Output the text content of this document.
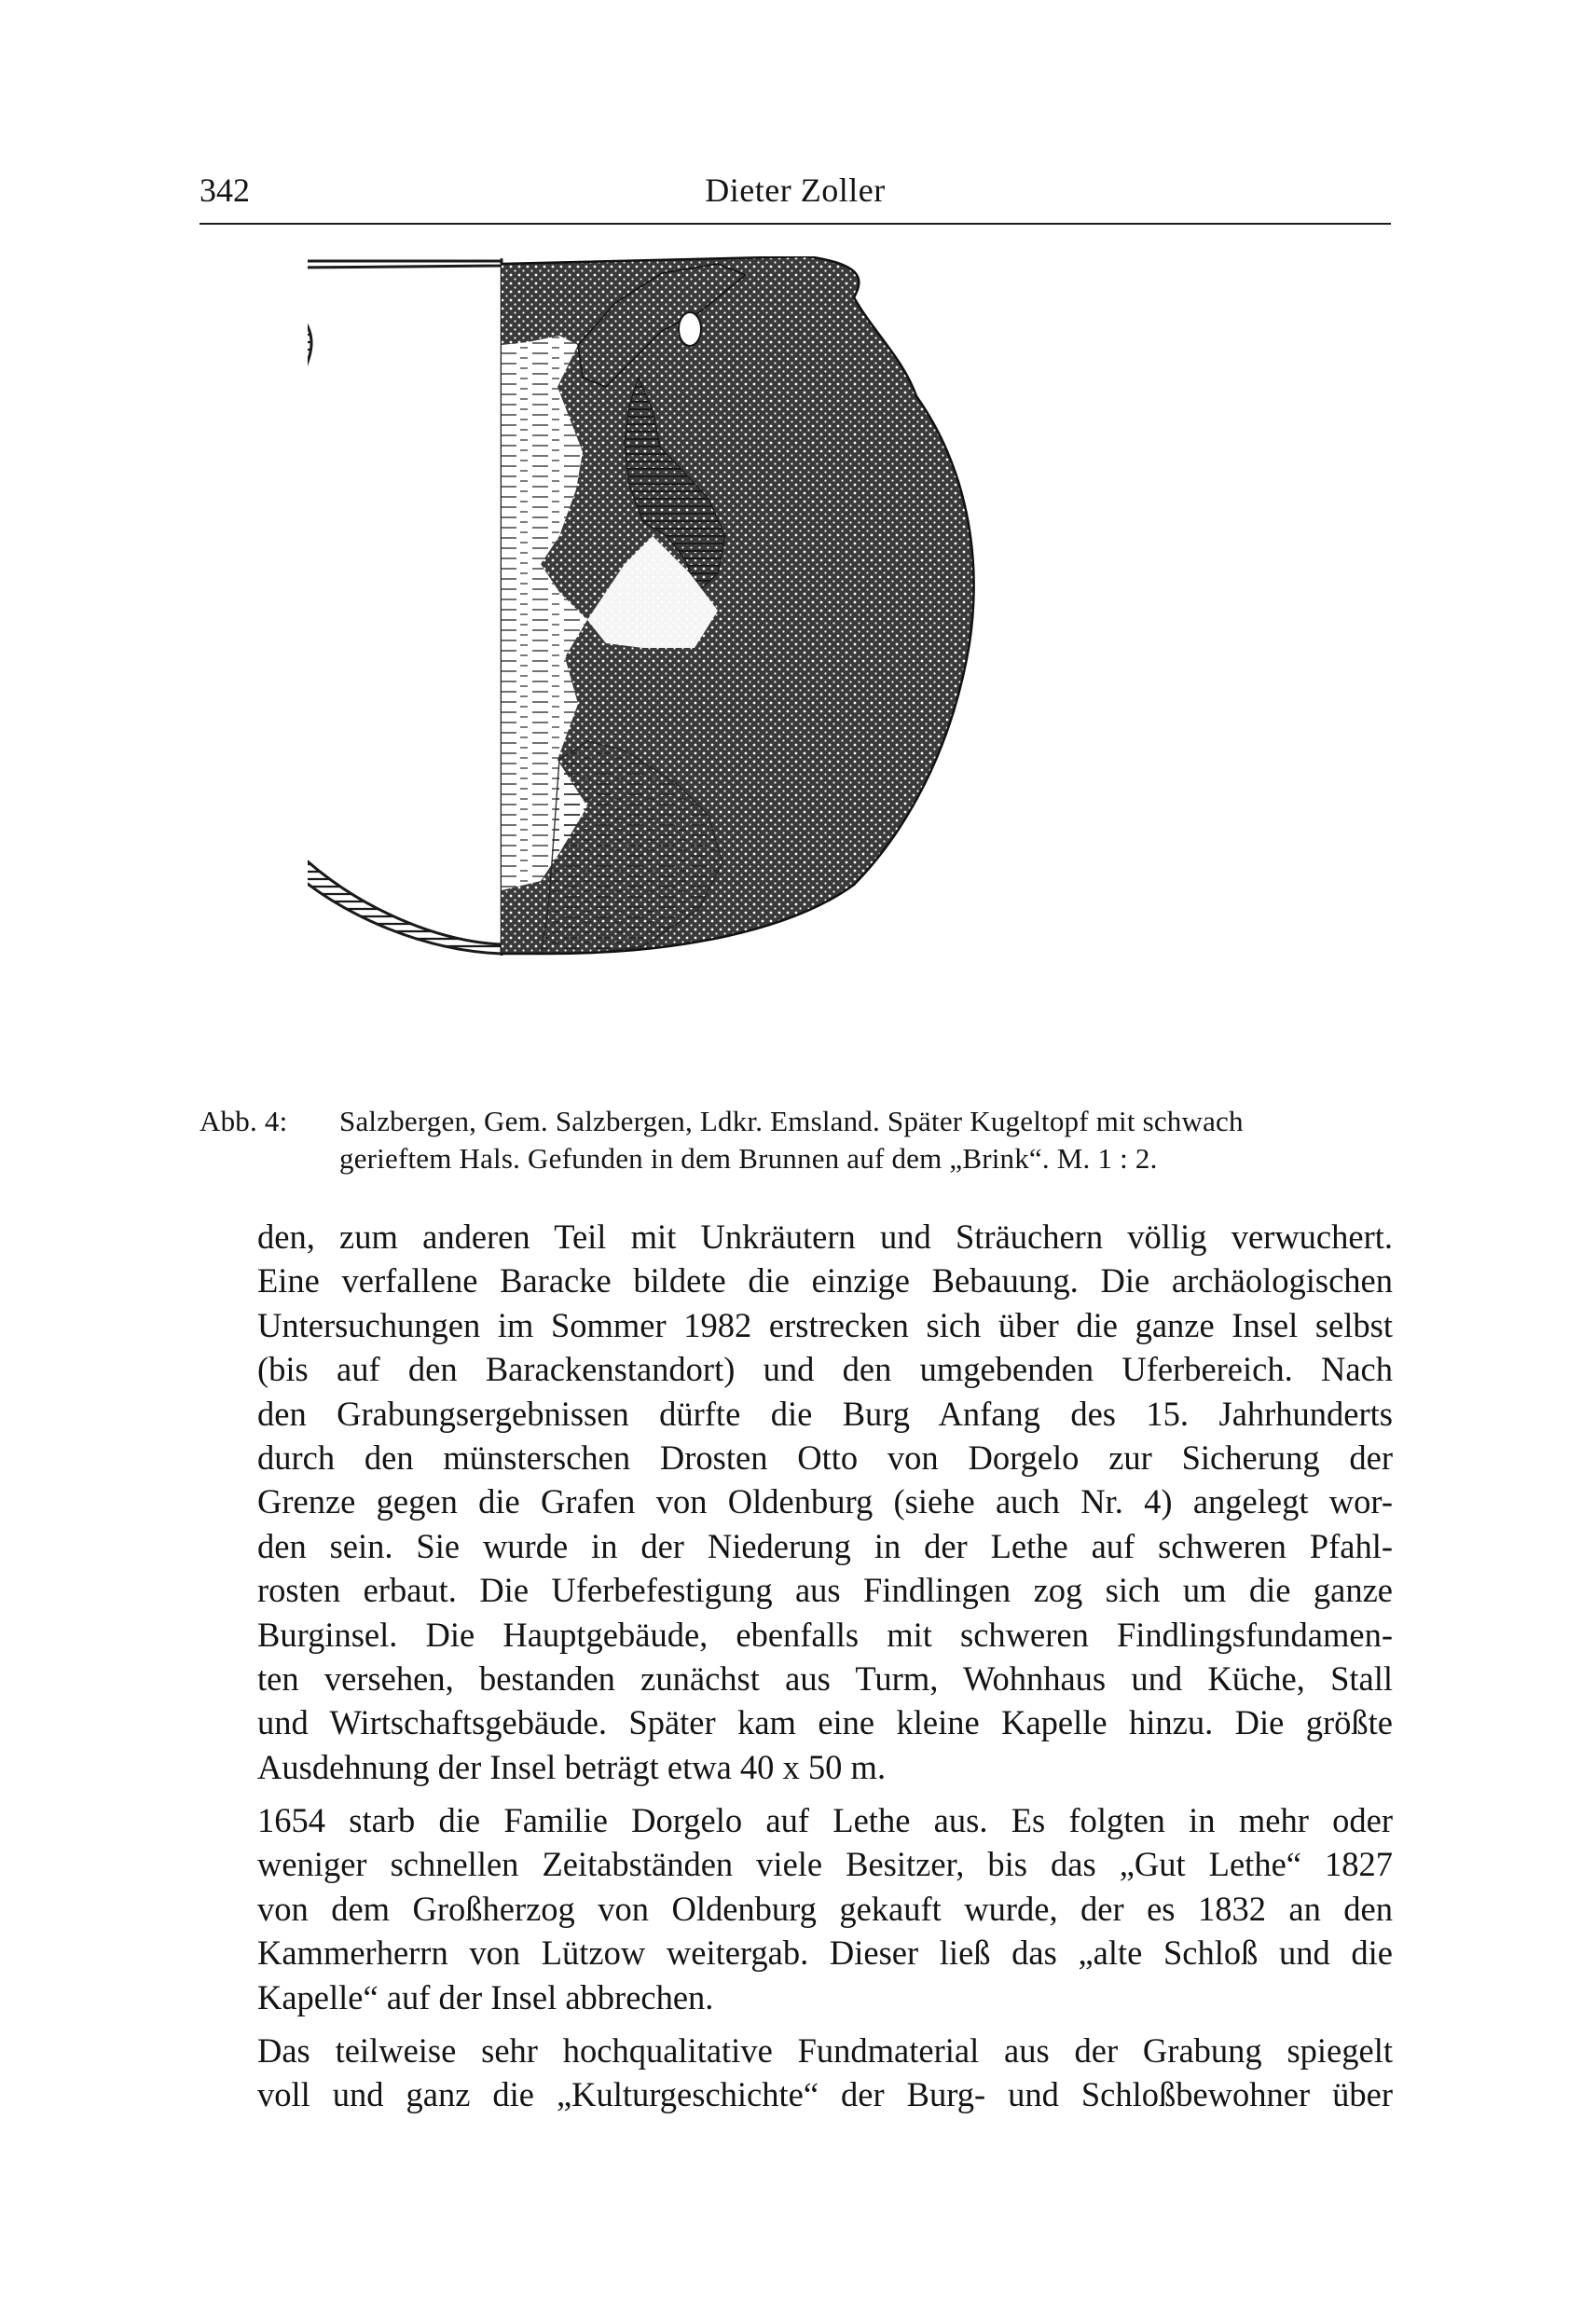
342	Dieter Zoller
Abb. 4:	Salzbergen, Gem. Salzbergen, Ldkr. Emsland. Später Kugeltopf mit schwach
gerieftem Hals. Gefunden in dem Brunnen auf dem „Brink“. M. 1 : 2.
den, zum anderen Teil mit Unkräutern und Sträuchern völlig verwuchert.
Eine verfallene Baracke bildete die einzige Bebauung. Die archäologischen
Untersuchungen im Sommer 1982 erstrecken sich über die ganze Insel selbst
(bis auf den Barackenstandort) und den umgebenden Uferbereich. Nach
den Grabungsergebnissen dürfte die Burg Anfang des 15. Jahrhunderts
durch den münsterschen Drosten Otto von Dorgelo zur Sicherung der
Grenze gegen die Grafen von Oldenburg (siehe auch Nr. 4) angelegt wor-
den sein. Sie wurde in der Niederung in der Lethe auf schweren Pfahl-
rosten erbaut. Die Uferbefestigung aus Findlingen zog sich um die ganze
Burginsel. Die Hauptgebäude, ebenfalls mit schweren Findlingsfundamen-
ten versehen, bestanden zunächst aus Turm, Wohnhaus und Küche, Stall
und Wirtschaftsgebäude. Später kam eine kleine Kapelle hinzu. Die größte
Ausdehnung der Insel beträgt etwa 40 x 50 m.
1654 starb die Familie Dorgelo auf Lethe aus. Es folgten in mehr oder
weniger schnellen Zeitabständen viele Besitzer, bis das „Gut Lethe“ 1827
von dem Großherzog von Oldenburg gekauft wurde, der es 1832 an den
Kammerherrn von Lützow weitergab. Dieser ließ das „alte Schloß und die
Kapelle“ auf der Insel abbrechen.
Das teilweise sehr hochqualitative Fundmaterial aus der Grabung spiegelt
voll und ganz die „Kulturgeschichte“ der Burg- und Schloßbewohner über
